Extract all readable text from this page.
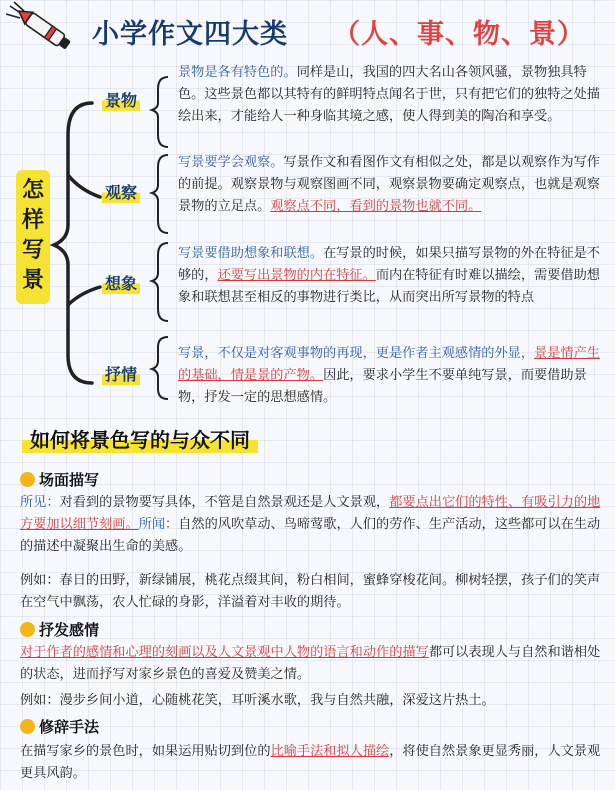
小学作文四大类 （人、事、物、景）
怎
样
写
景
景物
观察
想象
抒情
景物是各有特色的。同样是山，我国的四大名山各领风骚，景物独具特色。这些景色都以其特有的鲜明特点闻名于世，只有把它们的独特之处描绘出来，才能给人一种身临其境之感，使人得到美的陶冶和享受。
写景要学会观察。写景作文和看图作文有相似之处，都是以观察作为写作的前提。观察景物与观察图画不同，观察景物要确定观察点，也就是观察景物的立足点。观察点不同，看到的景物也就不同。
写景要借助想象和联想。在写景的时候，如果只描写景物的外在特征是不够的，还要写出景物的内在特征。而内在特征有时难以描绘，需要借助想象和联想甚至相反的事物进行类比，从而突出所写景物的特点
写景，不仅是对客观事物的再现，更是作者主观感情的外显，景是情产生的基础，情是景的产物。因此，要求小学生不要单纯写景，而要借助景物，抒发一定的思想感情。
如何将景色写的与众不同
场面描写
所见：对看到的景物要写具体，不管是自然景观还是人文景观，都要点出它们的特性、有吸引力的地方要加以细节刻画。所闻：自然的风吹草动、鸟啼莺歌，人们的劳作、生产活动，这些都可以在生动的描述中凝聚出生命的美感。
例如：春日的田野，新绿铺展，桃花点缀其间，粉白相间，蜜蜂穿梭花间。柳树轻摆，孩子们的笑声在空气中飘荡，农人忙碌的身影，洋溢着对丰收的期待。
抒发感情
对于作者的感情和心理的刻画以及人文景观中人物的语言和动作的描写都可以表现人与自然和谐相处的状态，进而抒写对家乡景色的喜爱及赞美之情。
例如：漫步乡间小道，心随桃花笑，耳听溪水歌，我与自然共融，深爱这片热土。
修辞手法
在描写家乡的景色时，如果运用贴切到位的比喻手法和拟人描绘，将使自然景象更显秀丽，人文景观更具风韵。
